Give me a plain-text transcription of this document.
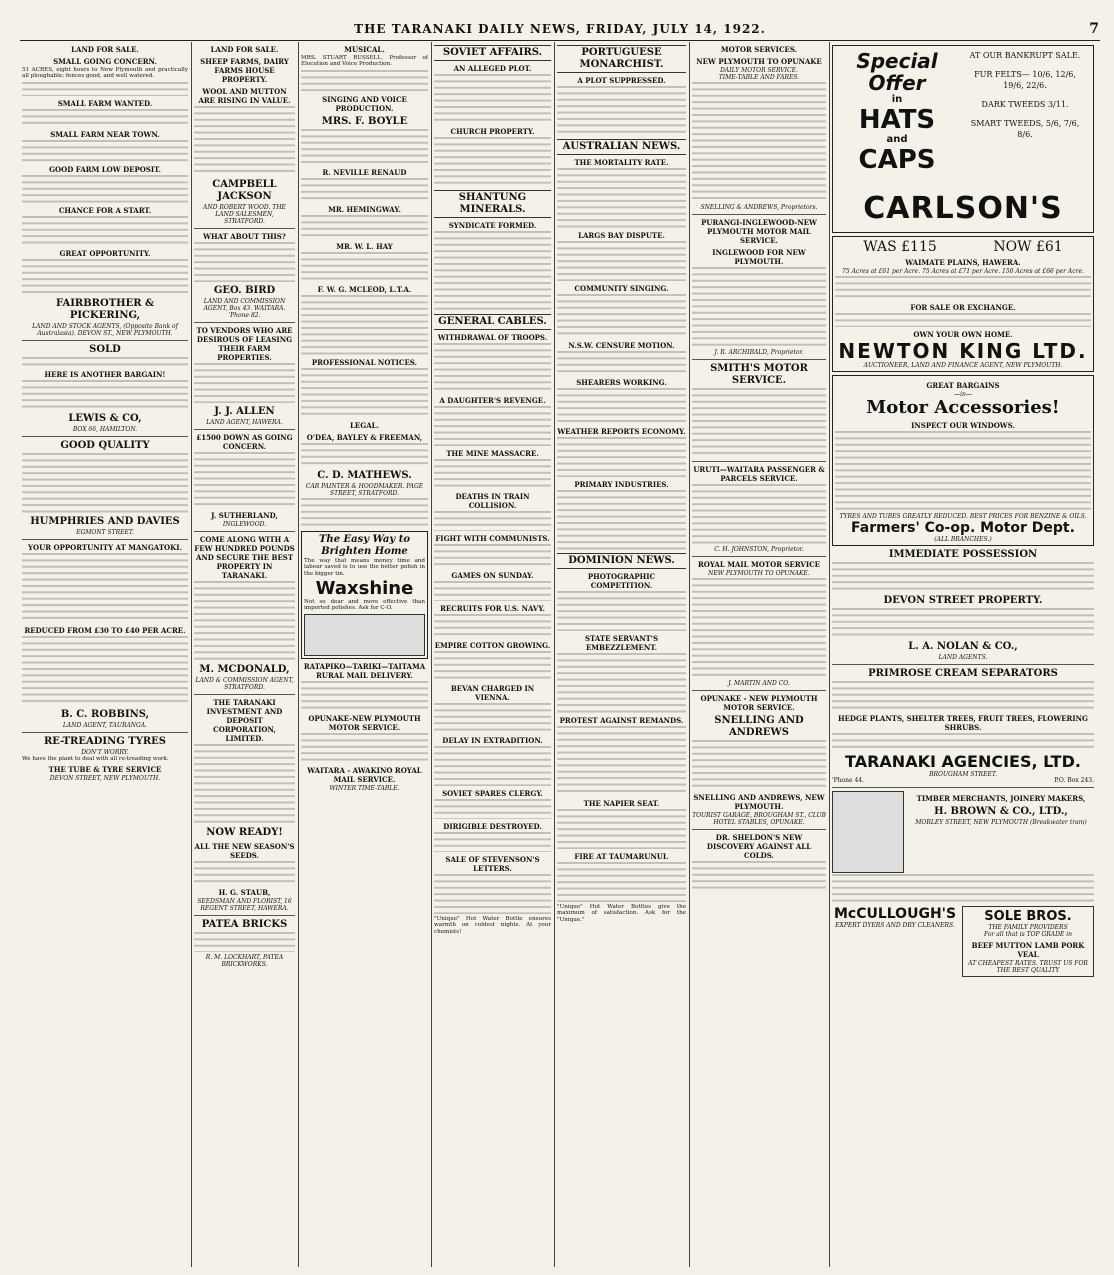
THE TARANAKI DAILY NEWS, FRIDAY, JULY 14, 1922.	7
LAND FOR SALE.
SMALL GOING CONCERN.
51 ACRES, eight hours to New Plymouth and practically all ploughable; fences good, and well watered.
SMALL FARM WANTED.
SMALL FARM NEAR TOWN.
GOOD FARM LOW DEPOSIT.
CHANCE FOR A START.
GREAT OPPORTUNITY.
FAIRBROTHER & PICKERING,
LAND AND STOCK AGENTS, (Opposite Bank of Australasia). DEVON ST., NEW PLYMOUTH.
SOLD
HERE IS ANOTHER BARGAIN!
LEWIS & CO,
BOX 66, HAMILTON.
GOOD QUALITY
HUMPHRIES AND DAVIES
EGMONT STREET.
YOUR OPPORTUNITY AT MANGATOKI.
REDUCED FROM £30 TO £40 PER ACRE.
B. C. ROBBINS,
LAND AGENT, TAURANGA.
RE-TREADING TYRES
DON'T WORRY.
We have the plant to deal with all re-treading work.
THE TUBE & TYRE SERVICE
DEVON STREET, NEW PLYMOUTH.
LAND FOR SALE.
SHEEP FARMS, DAIRY FARMS HOUSE PROPERTY.
WOOL AND MUTTON ARE RISING IN VALUE.
CAMPBELL JACKSON
AND ROBERT WOOD. THE LAND SALESMEN, STRATFORD.
WHAT ABOUT THIS?
GEO. BIRD
LAND AND COMMISSION AGENT, Box 43. WAITARA. 'Phone 82.
TO VENDORS WHO ARE DESIROUS OF LEASING THEIR FARM PROPERTIES.
J. J. ALLEN
LAND AGENT, HAWERA.
£1500 DOWN AS GOING CONCERN.
J. SUTHERLAND,
INGLEWOOD.
COME ALONG WITH A FEW HUNDRED POUNDS AND SECURE THE BEST PROPERTY IN TARANAKI.
M. MCDONALD,
LAND & COMMISSION AGENT, STRATFORD.
THE TARANAKI INVESTMENT AND DEPOSIT CORPORATION, LIMITED.
NOW READY!
ALL THE NEW SEASON'S SEEDS.
H. G. STAUB,
SEEDSMAN AND FLORIST, 16 REGENT STREET, HAWERA.
PATEA BRICKS
R. M. LOCKHART, PATEA BRICKWORKS.
MUSICAL.
MRS. STUART RUSSELL, Professor of Elocution and Voice Production.
SINGING AND VOICE PRODUCTION.
MRS. F. BOYLE
R. NEVILLE RENAUD
MR. HEMINGWAY.
MR. W. L. HAY
F. W. G. MCLEOD, L.T.A.
PROFESSIONAL NOTICES.
LEGAL.
O'DEA, BAYLEY & FREEMAN,
C. D. MATHEWS.
CAR PAINTER & HOODMAKER. PAGE STREET, STRATFORD.
The Easy Way to Brighten Home
The way that means money time and labour saved is to use the better polish in the bigger tin.
Waxshine
Not so dear and more effective than imported polishes. Ask for C-O.
RATAPIKO—TARIKI—TAITAMA RURAL MAIL DELIVERY.
OPUNAKE-NEW PLYMOUTH MOTOR SERVICE.
WAITARA - AWAKINO ROYAL MAIL SERVICE.
WINTER TIME-TABLE.
SOVIET AFFAIRS.
AN ALLEGED PLOT.
CHURCH PROPERTY.
SHANTUNG MINERALS.
SYNDICATE FORMED.
GENERAL CABLES.
WITHDRAWAL OF TROOPS.
A DAUGHTER'S REVENGE.
THE MINE MASSACRE.
DEATHS IN TRAIN COLLISION.
FIGHT WITH COMMUNISTS.
GAMES ON SUNDAY.
RECRUITS FOR U.S. NAVY.
EMPIRE COTTON GROWING.
BEVAN CHARGED IN VIENNA.
DELAY IN EXTRADITION.
SOVIET SPARES CLERGY.
DIRIGIBLE DESTROYED.
SALE OF STEVENSON'S LETTERS.
"Unique" Hot Water Bottle ensures warmth on coldest nights. At your chemists!
PORTUGUESE MONARCHIST.
A PLOT SUPPRESSED.
AUSTRALIAN NEWS.
THE MORTALITY RATE.
LARGS BAY DISPUTE.
COMMUNITY SINGING.
N.S.W. CENSURE MOTION.
SHEARERS WORKING.
WEATHER REPORTS ECONOMY.
PRIMARY INDUSTRIES.
DOMINION NEWS.
PHOTOGRAPHIC COMPETITION.
STATE SERVANT'S EMBEZZLEMENT.
PROTEST AGAINST REMANDS.
THE NAPIER SEAT.
FIRE AT TAUMARUNUI.
"Unique" Hot Water Bottles give the maximum of satisfaction. Ask for the "Unique."
MOTOR SERVICES.
NEW PLYMOUTH TO OPUNAKE
DAILY MOTOR SERVICE.
TIME-TABLE AND FARES.
SNELLING & ANDREWS, Proprietors.
PURANGI-INGLEWOOD-NEW PLYMOUTH MOTOR MAIL SERVICE.
INGLEWOOD FOR NEW PLYMOUTH.
J. R. ARCHIBALD, Proprietor.
SMITH'S MOTOR SERVICE.
URUTI—WAITARA PASSENGER & PARCELS SERVICE.
C. H. JOHNSTON, Proprietor.
ROYAL MAIL MOTOR SERVICE
NEW PLYMOUTH TO OPUNAKE.
J. MARTIN AND CO.
OPUNAKE - NEW PLYMOUTH MOTOR SERVICE.
SNELLING AND ANDREWS
SNELLING AND ANDREWS, NEW PLYMOUTH.
TOURIST GARAGE, BROUGHAM ST., CLUB HOTEL STABLES, OPUNAKE.
DR. SHELDON'S NEW DISCOVERY AGAINST ALL COLDS.
Special
Offer
in
HATS
and
CAPS
AT OUR BANKRUPT SALE.
FUR FELTS— 10/6, 12/6, 19/6, 22/6.
DARK TWEEDS 3/11.
SMART TWEEDS, 5/6, 7/6, 8/6.
CARLSON'S
WAS £115	NOW £61
WAIMATE PLAINS, HAWERA.
75 Acres at £61 per Acre. 75 Acres at £71 per Acre. 150 Acres at £66 per Acre.
FOR SALE OR EXCHANGE.
OWN YOUR OWN HOME.
NEWTON KING LTD.
AUCTIONEER, LAND AND FINANCE AGENT, NEW PLYMOUTH.
GREAT BARGAINS
—in—
Motor Accessories!
INSPECT OUR WINDOWS.
TYRES AND TUBES GREATLY REDUCED. BEST PRICES FOR BENZINE & OILS.
Farmers' Co-op. Motor Dept.
(ALL BRANCHES.)
IMMEDIATE POSSESSION
DEVON STREET PROPERTY.
L. A. NOLAN & CO.,
LAND AGENTS.
PRIMROSE CREAM SEPARATORS
HEDGE PLANTS, SHELTER TREES, FRUIT TREES, FLOWERING SHRUBS.
TARANAKI AGENCIES, LTD.
BROUGHAM STREET.
'Phone 44.	P.O. Box 243.
TIMBER MERCHANTS, JOINERY MAKERS,
H. BROWN & CO., LTD.,
MORLEY STREET, NEW PLYMOUTH (Breakwater tram)
McCULLOUGH'S
EXPERT DYERS AND DRY CLEANERS.
SOLE BROS.
THE FAMILY PROVIDERS
For all that is TOP GRADE in
BEEF MUTTON LAMB PORK VEAL
AT CHEAPEST RATES. TRUST US FOR THE BEST QUALITY
